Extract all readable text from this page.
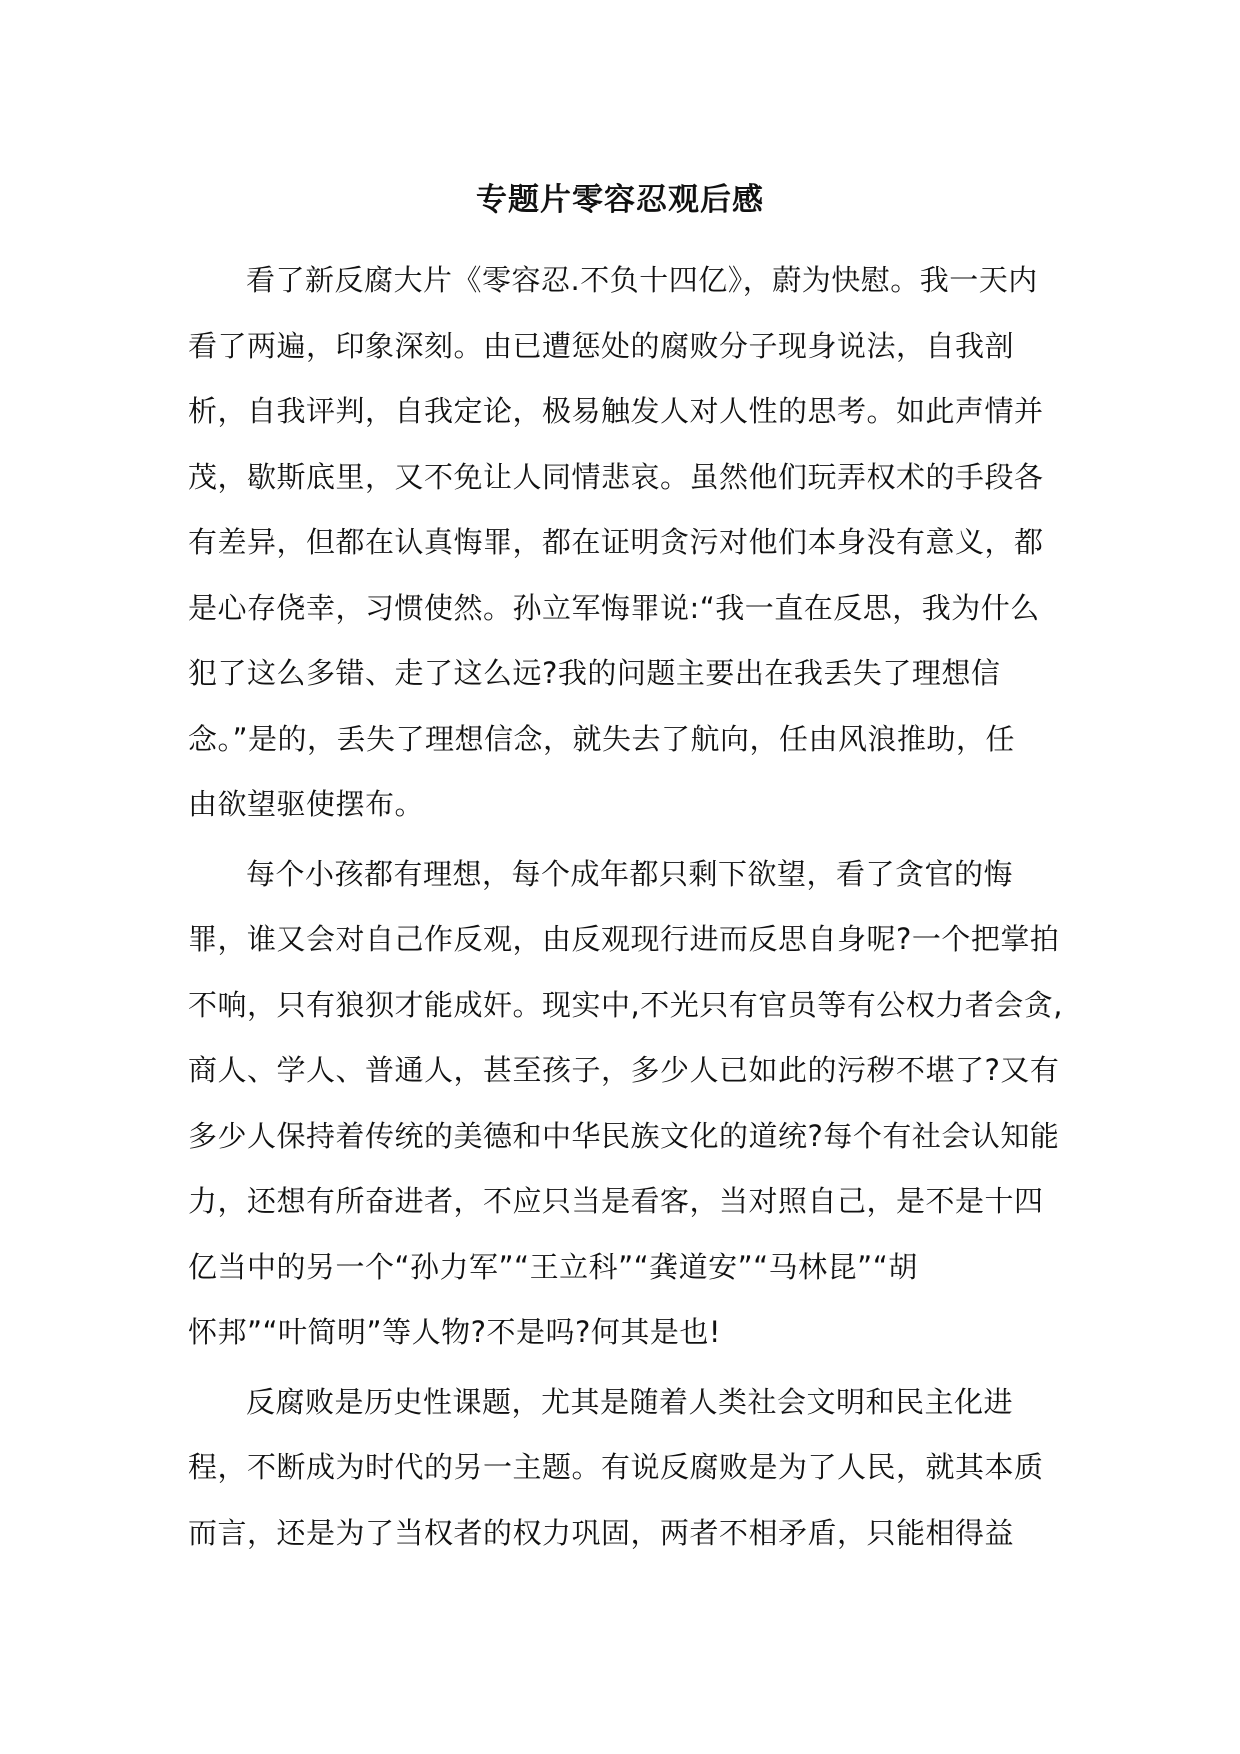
专题片零容忍观后感
看了新反腐大片《零容忍.不负十四亿》，蔚为快慰。我一天内
看了两遍，印象深刻。由已遭惩处的腐败分子现身说法，自我剖
析，自我评判，自我定论，极易触发人对人性的思考。如此声情并
茂，歇斯底里，又不免让人同情悲哀。虽然他们玩弄权术的手段各
有差异，但都在认真悔罪，都在证明贪污对他们本身没有意义，都
是心存侥幸，习惯使然。孙立军悔罪说:“我一直在反思，我为什么
犯了这么多错、走了这么远?我的问题主要出在我丢失了理想信
念。”是的，丢失了理想信念，就失去了航向，任由风浪推助，任
由欲望驱使摆布。
每个小孩都有理想，每个成年都只剩下欲望，看了贪官的悔
罪，谁又会对自己作反观，由反观现行进而反思自身呢?一个把掌拍
不响，只有狼狈才能成奸。现实中,不光只有官员等有公权力者会贪,
商人、学人、普通人，甚至孩子，多少人已如此的污秽不堪了?又有
多少人保持着传统的美德和中华民族文化的道统?每个有社会认知能
力，还想有所奋进者，不应只当是看客，当对照自己，是不是十四
亿当中的另一个“孙力军”“王立科”“龚道安”“马林昆”“胡
怀邦”“叶简明”等人物?不是吗?何其是也!
反腐败是历史性课题，尤其是随着人类社会文明和民主化进
程，不断成为时代的另一主题。有说反腐败是为了人民，就其本质
而言，还是为了当权者的权力巩固，两者不相矛盾，只能相得益
